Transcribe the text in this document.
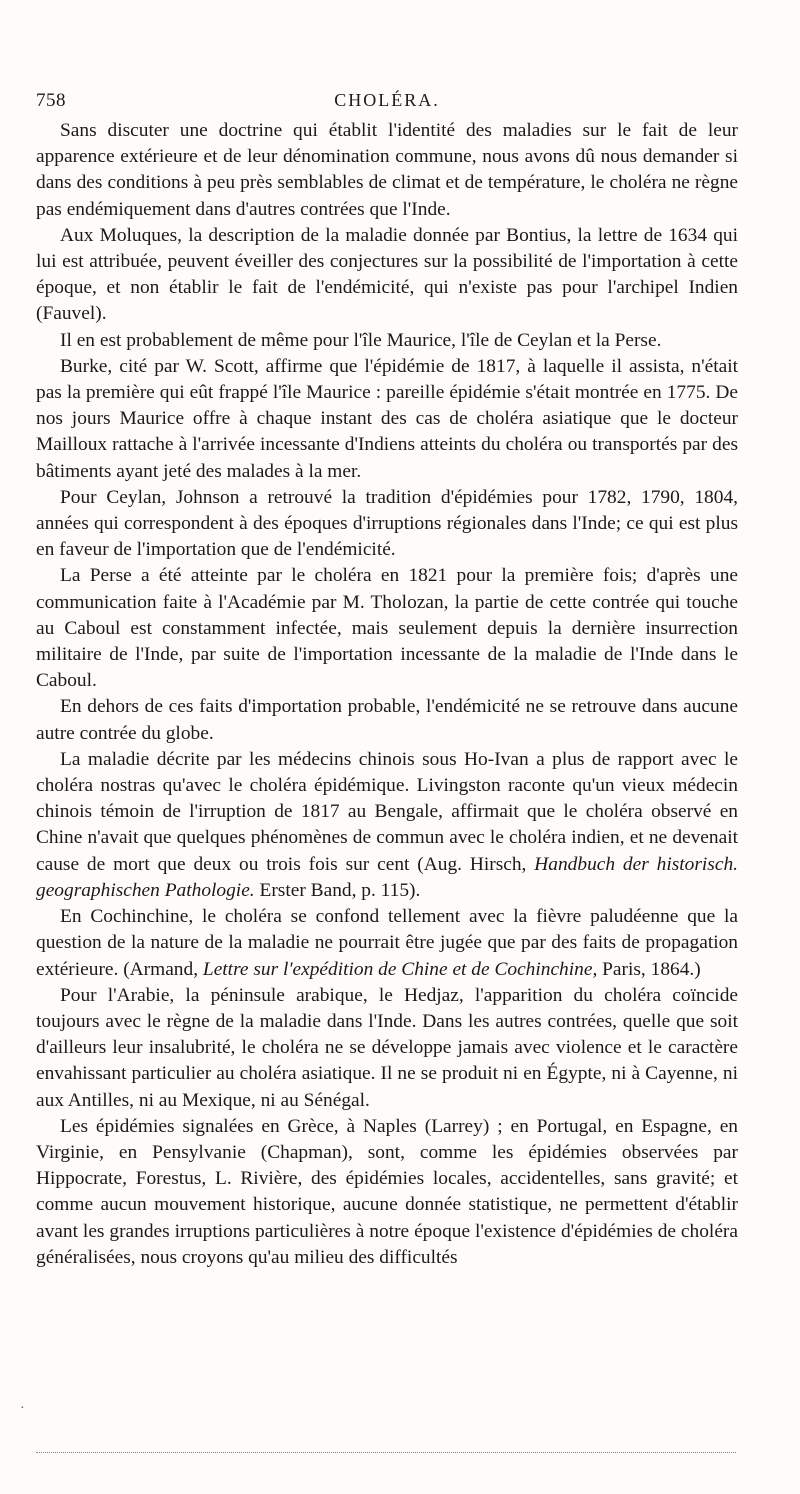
758	CHOLÉRA.

Sans discuter une doctrine qui établit l'identité des maladies sur le fait de leur apparence extérieure et de leur dénomination commune, nous avons dû nous demander si dans des conditions à peu près semblables de climat et de température, le choléra ne règne pas endémiquement dans d'autres contrées que l'Inde.

Aux Moluques, la description de la maladie donnée par Bontius, la lettre de 1634 qui lui est attribuée, peuvent éveiller des conjectures sur la possibilité de l'importation à cette époque, et non établir le fait de l'endémicité, qui n'existe pas pour l'archipel Indien (Fauvel).

Il en est probablement de même pour l'île Maurice, l'île de Ceylan et la Perse.

Burke, cité par W. Scott, affirme que l'épidémie de 1817, à laquelle il assista, n'était pas la première qui eût frappé l'île Maurice : pareille épidémie s'était montrée en 1775. De nos jours Maurice offre à chaque instant des cas de choléra asiatique que le docteur Mailloux rattache à l'arrivée incessante d'Indiens atteints du choléra ou transportés par des bâtiments ayant jeté des malades à la mer.

Pour Ceylan, Johnson a retrouvé la tradition d'épidémies pour 1782, 1790, 1804, années qui correspondent à des époques d'irruptions régionales dans l'Inde; ce qui est plus en faveur de l'importation que de l'endémicité.

La Perse a été atteinte par le choléra en 1821 pour la première fois; d'après une communication faite à l'Académie par M. Tholozan, la partie de cette contrée qui touche au Caboul est constamment infectée, mais seulement depuis la dernière insurrection militaire de l'Inde, par suite de l'importation incessante de la maladie de l'Inde dans le Caboul.

En dehors de ces faits d'importation probable, l'endémicité ne se retrouve dans aucune autre contrée du globe.

La maladie décrite par les médecins chinois sous Ho-Ivan a plus de rapport avec le choléra nostras qu'avec le choléra épidémique. Livingston raconte qu'un vieux médecin chinois témoin de l'irruption de 1817 au Bengale, affirmait que le choléra observé en Chine n'avait que quelques phénomènes de commun avec le choléra indien, et ne devenait cause de mort que deux ou trois fois sur cent (Aug. Hirsch, Handbuch der historisch. geographischen Pathologie. Erster Band, p. 115).

En Cochinchine, le choléra se confond tellement avec la fièvre paludéenne que la question de la nature de la maladie ne pourrait être jugée que par des faits de propagation extérieure. (Armand, Lettre sur l'expédition de Chine et de Cochinchine, Paris, 1864.)

Pour l'Arabie, la péninsule arabique, le Hedjaz, l'apparition du choléra coïncide toujours avec le règne de la maladie dans l'Inde. Dans les autres contrées, quelle que soit d'ailleurs leur insalubrité, le choléra ne se développe jamais avec violence et le caractère envahissant particulier au choléra asiatique. Il ne se produit ni en Égypte, ni à Cayenne, ni aux Antilles, ni au Mexique, ni au Sénégal.

Les épidémies signalées en Grèce, à Naples (Larrey) ; en Portugal, en Espagne, en Virginie, en Pensylvanie (Chapman), sont, comme les épidémies observées par Hippocrate, Forestus, L. Rivière, des épidémies locales, accidentelles, sans gravité; et comme aucun mouvement historique, aucune donnée statistique, ne permettent d'établir avant les grandes irruptions particulières à notre époque l'existence d'épidémies de choléra généralisées, nous croyons qu'au milieu des difficultés

·
